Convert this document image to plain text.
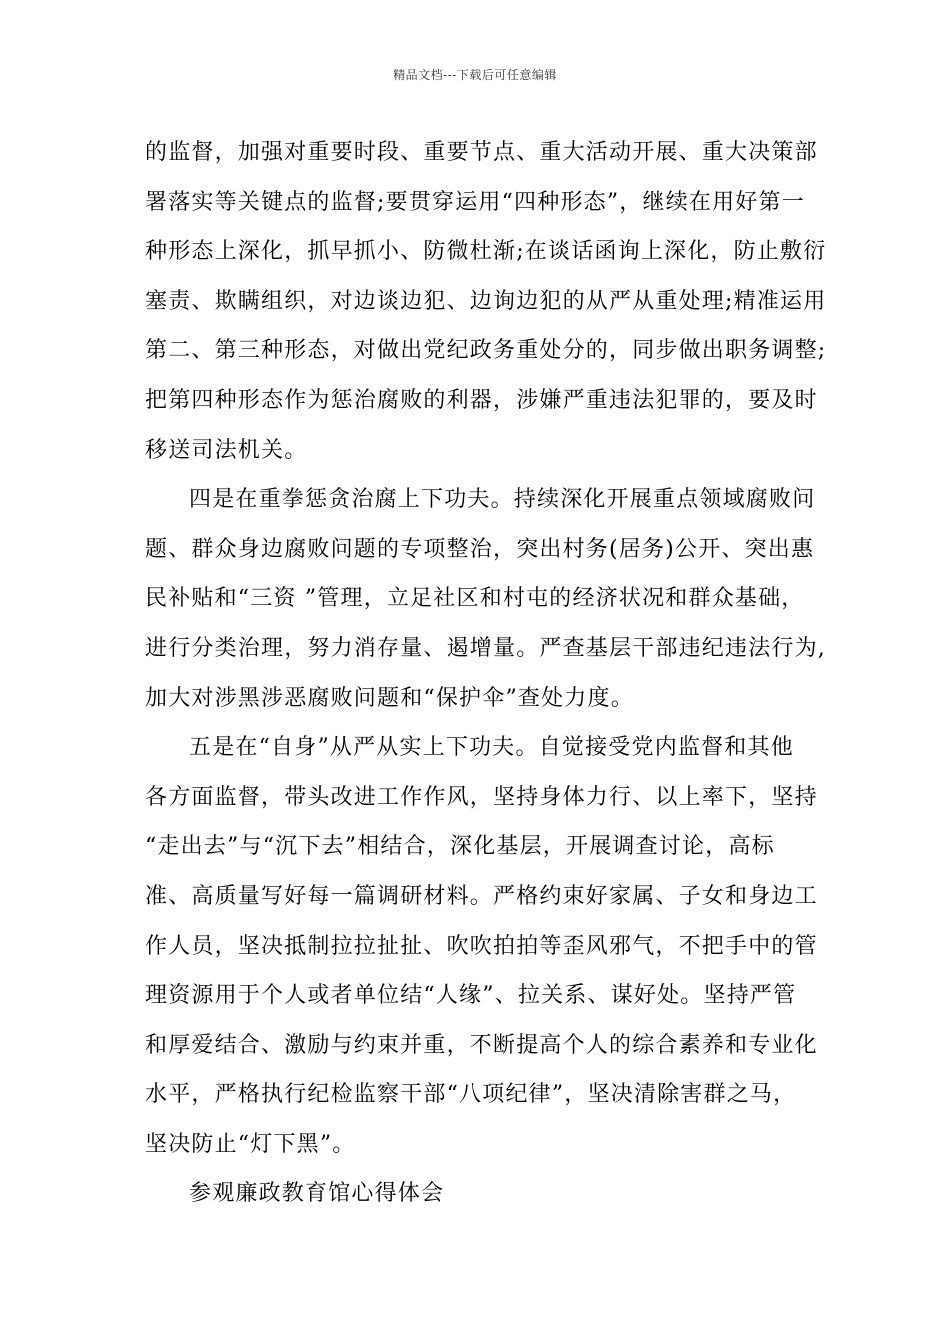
精品文档---下载后可任意编辑
的监督，加强对重要时段、重要节点、重大活动开展、重大决策部
署落实等关键点的监督;要贯穿运用“四种形态”，继续在用好第一
种形态上深化，抓早抓小、防微杜渐;在谈话函询上深化，防止敷衍
塞责、欺瞒组织，对边谈边犯、边询边犯的从严从重处理;精准运用
第二、第三种形态，对做出党纪政务重处分的，同步做出职务调整;
把第四种形态作为惩治腐败的利器，涉嫌严重违法犯罪的，要及时
移送司法机关。
四是在重拳惩贪治腐上下功夫。持续深化开展重点领域腐败问
题、群众身边腐败问题的专项整治，突出村务(居务)公开、突出惠
民补贴和“三资 ”管理，立足社区和村屯的经济状况和群众基础，
进行分类治理，努力消存量、遏增量。严查基层干部违纪违法行为,
加大对涉黑涉恶腐败问题和“保护伞”查处力度。
五是在“自身”从严从实上下功夫。自觉接受党内监督和其他
各方面监督，带头改进工作作风，坚持身体力行、以上率下，坚持
“走出去”与“沉下去”相结合，深化基层，开展调查讨论，高标
准、高质量写好每一篇调研材料。严格约束好家属、子女和身边工
作人员，坚决抵制拉拉扯扯、吹吹拍拍等歪风邪气，不把手中的管
理资源用于个人或者单位结“人缘”、拉关系、谋好处。坚持严管
和厚爱结合、激励与约束并重，不断提高个人的综合素养和专业化
水平，严格执行纪检监察干部“八项纪律”，坚决清除害群之马，
坚决防止“灯下黑”。
参观廉政教育馆心得体会
